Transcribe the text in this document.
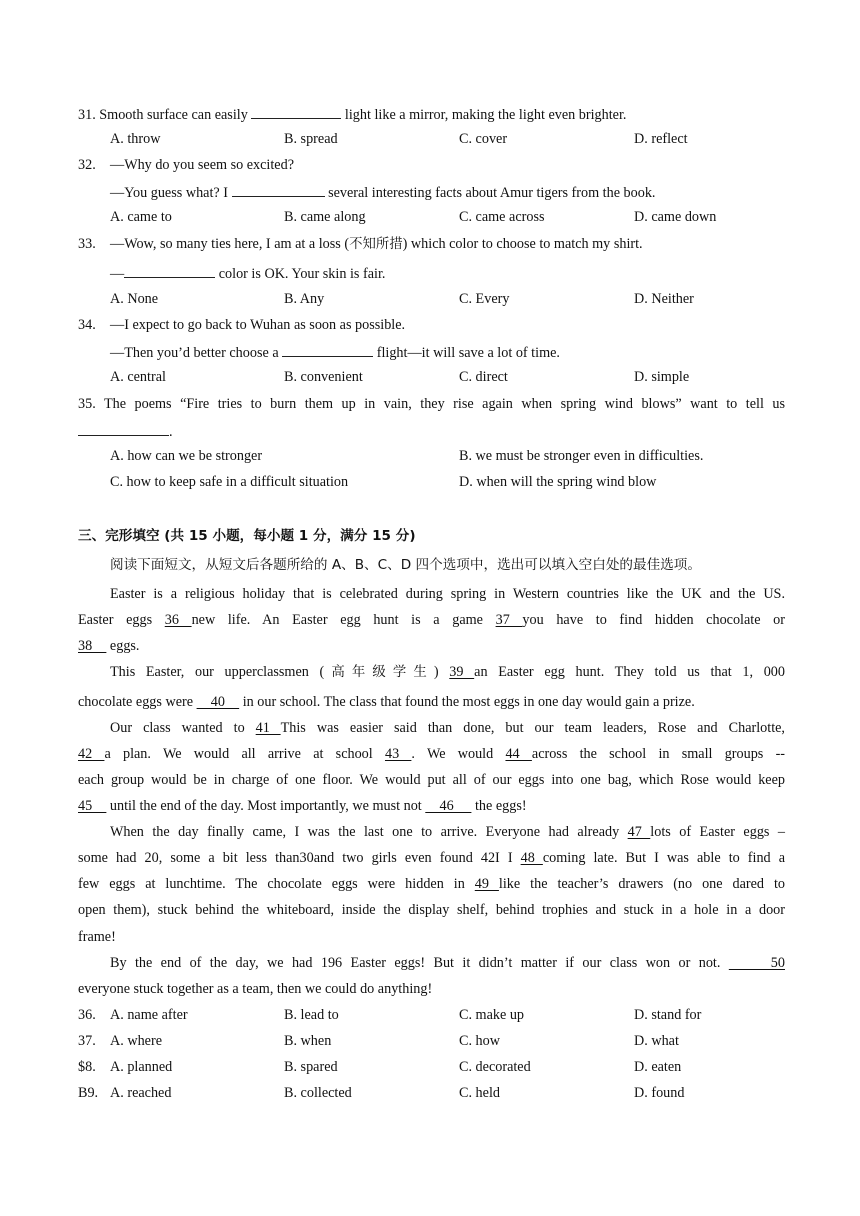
31. Smooth surface can easily	light like a mirror, making the light even brighter.
A. throw	B. spread	C. cover	D. reflect
32. —Why do you seem so excited?
—You guess what? I	several interesting facts about Amur tigers from the book.
A. came to	B. came along	C. came across	D. came down
33. —Wow, so many ties here, I am at a loss (不知所措) which color to choose to match my shirt.
—	color is OK. Your skin is fair.
A. None	B. Any	C. Every	D. Neither
34. —I expect to go back to Wuhan as soon as possible.
—Then you’d better choose a	flight—it will save a lot of time.
A. central	B. convenient	C. direct	D. simple
35. The poems “Fire tries to burn them up in vain, they rise again when spring wind blows” want to tell us
.
A. how can we be stronger	B. we must be stronger even in difficulties.
C. how to keep safe in a difficult situation	D. when will the spring wind blow
三、完形填空 (共 15 小题，每小题 1 分，满分 15 分)
阅读下面短文，从短文后各题所给的 A、B、C、D 四个选项中，选出可以填入空白处的最佳选项。
Easter is a religious holiday that is celebrated during spring in Western countries like the UK and the US.
Easter eggs 36 new life. An Easter egg hunt is a game 37 you have to find hidden chocolate or
38     eggs.
This Easter, our upperclassmen (高年级学生) 39 an Easter egg hunt. They told us that 1, 000
chocolate eggs were     40     in our school. The class that found the most eggs in one day would gain a prize.
Our class wanted to 41 This was easier said than done, but our team leaders, Rose and Charlotte,
42 a plan. We would all arrive at school 43 . We would 44 across the school in small groups --
each group would be in charge of one floor. We would put all of our eggs into one bag, which Rose would keep
45     until the end of the day. Most importantly, we must not     46      the eggs!
When the day finally came, I was the last one to arrive. Everyone had already 47 lots of Easter eggs –
some had 20, some a bit less than30and two girls even found 42I I 48 coming late. But I was able to find a
few eggs at lunchtime. The chocolate eggs were hidden in 49 like the teacher’s drawers (no one dared to
open them), stuck behind the whiteboard, inside the display shelf, behind trophies and stuck in a hole in a door
frame!
By the end of the day, we had 196 Easter eggs! But it didn’t matter if our class won or not.      50
everyone stuck together as a team, then we could do anything!
36. A. name after	B. lead to	C. make up	D. stand for
37. A. where	B. when	C. how	D. what
$8. A. planned	B. spared	C. decorated	D. eaten
B9. A. reached	B. collected	C. held	D. found
